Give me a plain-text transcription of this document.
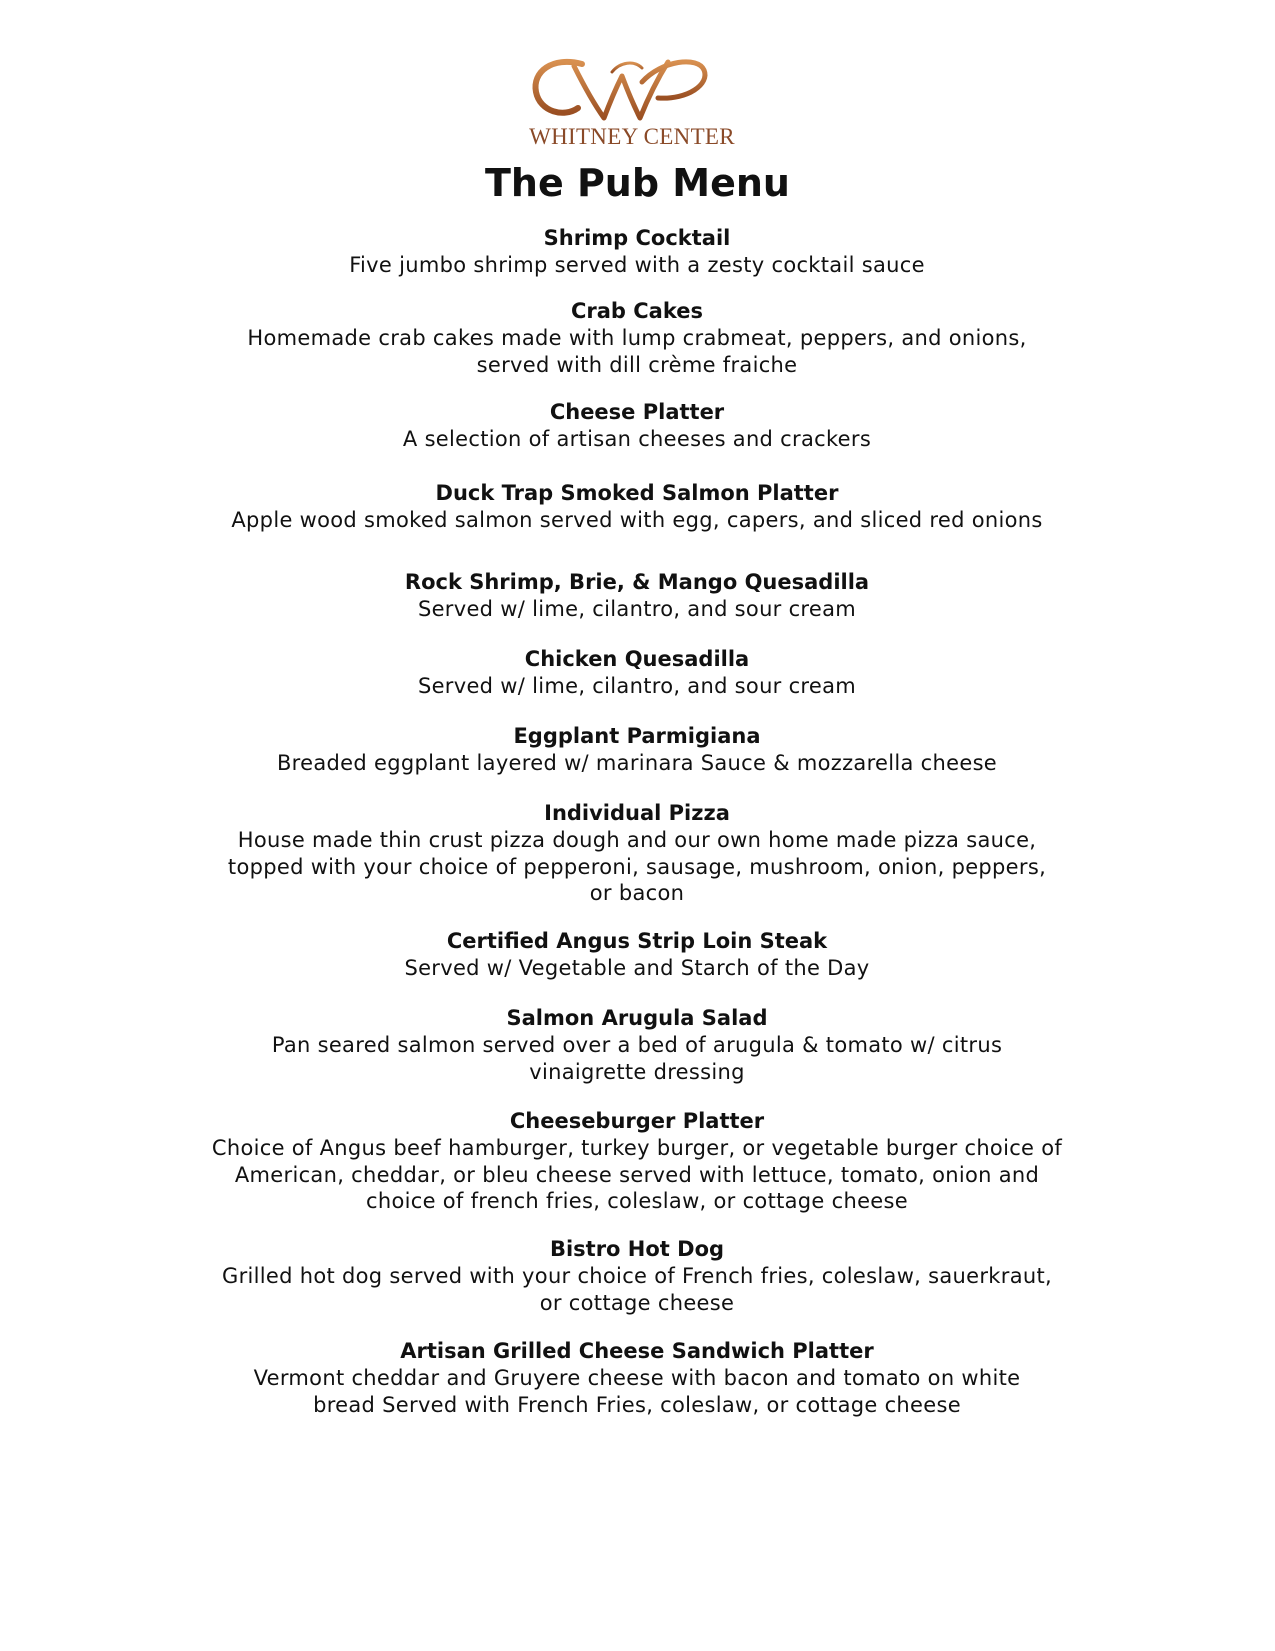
WHITNEY CENTER
The Pub Menu
Shrimp Cocktail
Five jumbo shrimp served with a zesty cocktail sauce
Crab Cakes
Homemade crab cakes made with lump crabmeat, peppers, and onions,
served with dill crème fraiche
Cheese Platter
A selection of artisan cheeses and crackers
Duck Trap Smoked Salmon Platter
Apple wood smoked salmon served with egg, capers, and sliced red onions
Rock Shrimp, Brie, & Mango Quesadilla
Served w/ lime, cilantro, and sour cream
Chicken Quesadilla
Served w/ lime, cilantro, and sour cream
Eggplant Parmigiana
Breaded eggplant layered w/ marinara Sauce & mozzarella cheese
Individual Pizza
House made thin crust pizza dough and our own home made pizza sauce,
topped with your choice of pepperoni, sausage, mushroom, onion, peppers,
or bacon
Certified Angus Strip Loin Steak
Served w/ Vegetable and Starch of the Day
Salmon Arugula Salad
Pan seared salmon served over a bed of arugula & tomato w/ citrus
vinaigrette dressing
Cheeseburger Platter
Choice of Angus beef hamburger, turkey burger, or vegetable burger choice of
American, cheddar, or bleu cheese served with lettuce, tomato, onion and
choice of french fries, coleslaw, or cottage cheese
Bistro Hot Dog
Grilled hot dog served with your choice of French fries, coleslaw, sauerkraut,
or cottage cheese
Artisan Grilled Cheese Sandwich Platter
Vermont cheddar and Gruyere cheese with bacon and tomato on white
bread Served with French Fries, coleslaw, or cottage cheese
